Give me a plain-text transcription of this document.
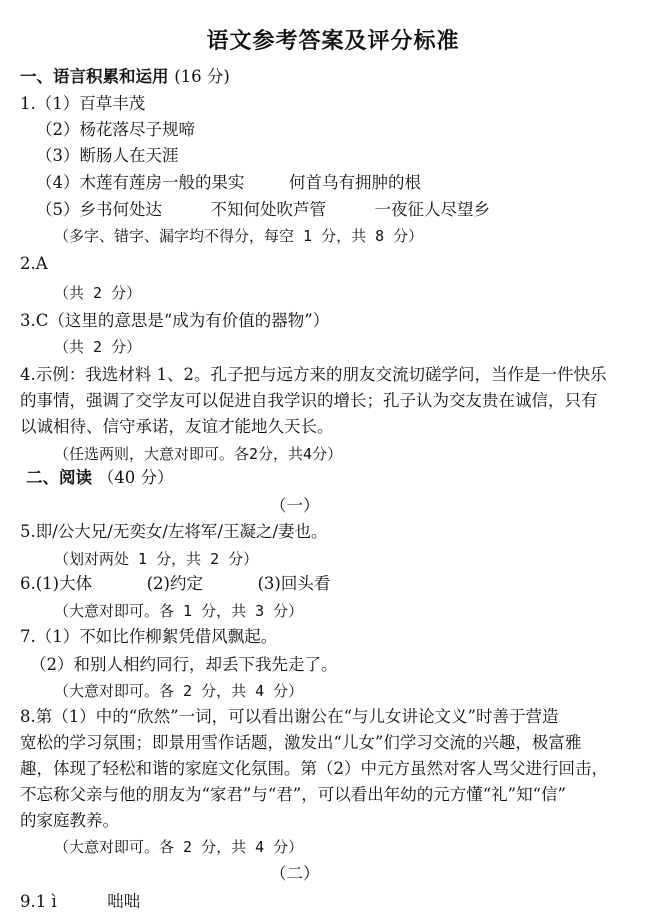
语文参考答案及评分标准
一、语言积累和运用 (16 分)
1.（1）百草丰茂
（2）杨花落尽子规啼
（3）断肠人在天涯
（4）木莲有莲房一般的果实	何首乌有拥肿的根
（5）乡书何处达	不知何处吹芦管	一夜征人尽望乡
（多字、错字、漏字均不得分，每空 1 分，共 8 分）
2.A
（共 2 分）
3.C（这里的意思是“成为有价值的器物”）
（共 2 分）
4.示例：我选材料 1、2。孔子把与远方来的朋友交流切磋学问，当作是一件快乐
的事情，强调了交学友可以促进自我学识的增长；孔子认为交友贵在诚信，只有
以诚相待、信守承诺，友谊才能地久天长。
（任选两则，大意对即可。各2分，共4分）
二、阅读 （40 分）
（一）
5.即/公大兄/无奕女/左将军/王凝之/妻也。
（划对两处 1 分，共 2 分）
6.(1)大体	(2)约定	(3)回头看
（大意对即可。各 1 分，共 3 分）
7.（1）不如比作柳絮凭借风飘起。
（2）和别人相约同行，却丢下我先走了。
（大意对即可。各 2 分，共 4 分）
8.第（1）中的“欣然”一词，可以看出谢公在“与儿女讲论文义”时善于营造
宽松的学习氛围；即景用雪作话题，激发出“儿女”们学习交流的兴趣，极富雅
趣，体现了轻松和谐的家庭文化氛围。第（2）中元方虽然对客人骂父进行回击，
不忘称父亲与他的朋友为“家君”与“君”，可以看出年幼的元方懂“礼”知“信”
的家庭教养。
（大意对即可。各 2 分，共 4 分）
（二）
9.1 ì	咄咄
